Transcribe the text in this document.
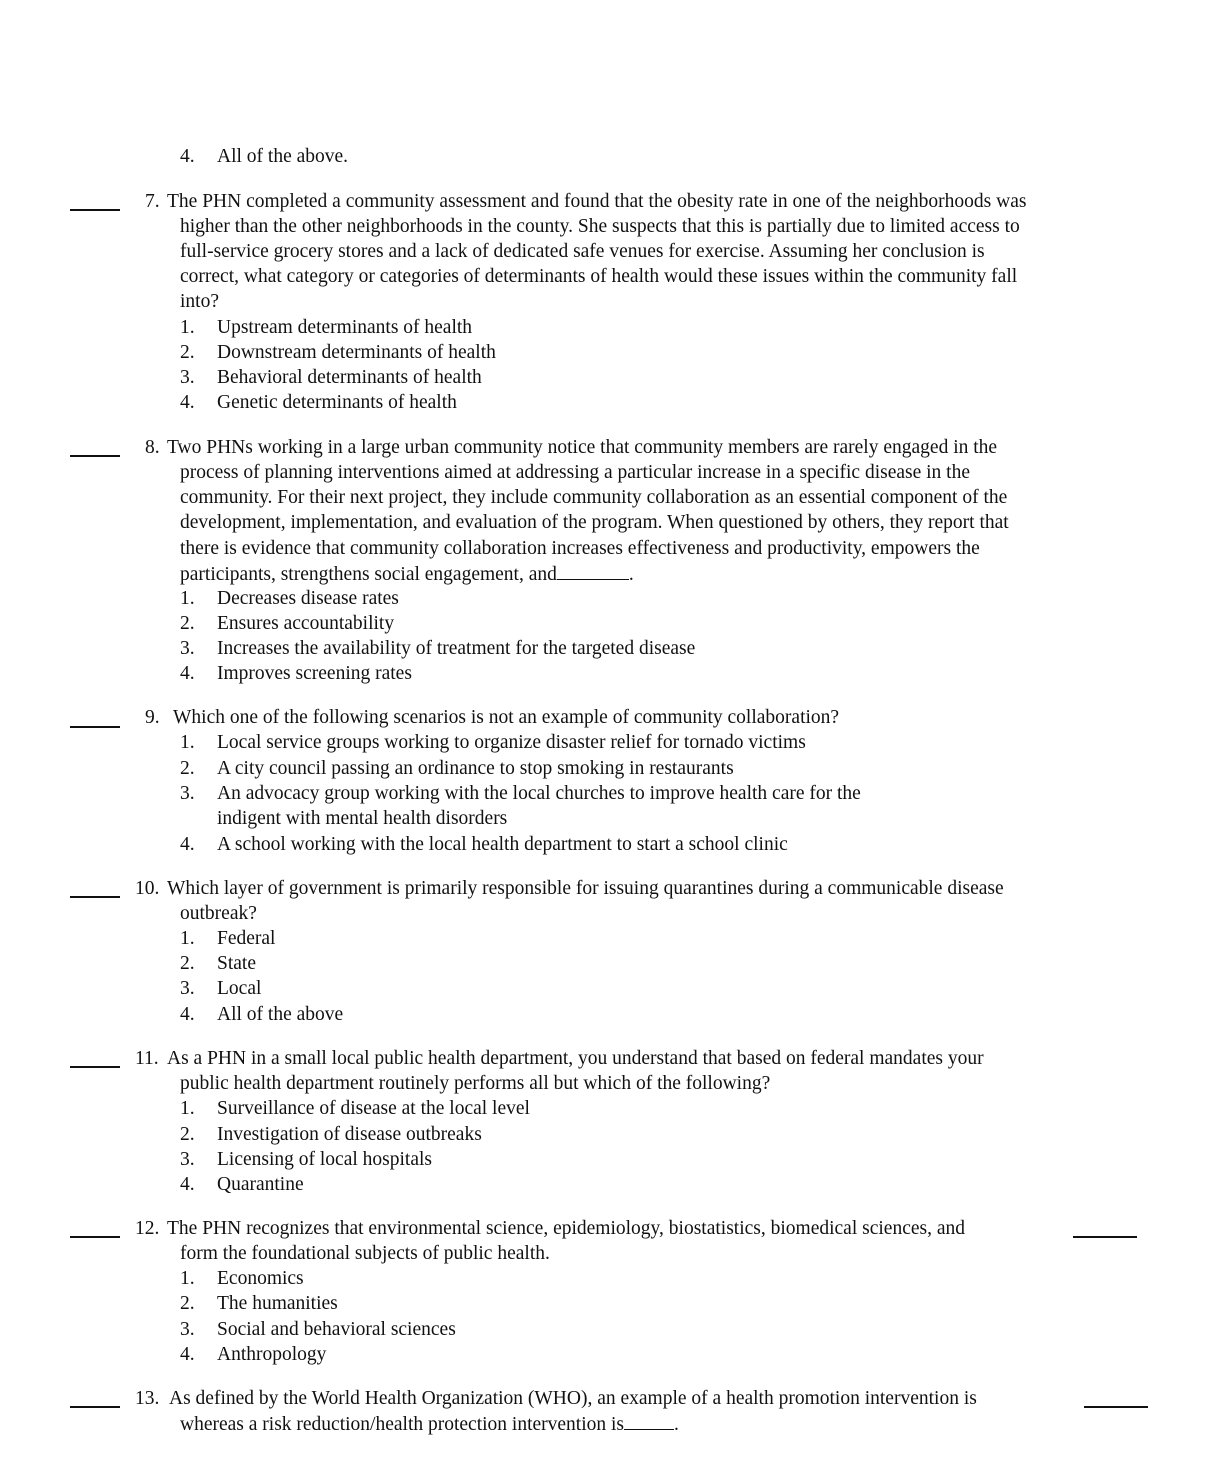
4. All of the above.
7. The PHN completed a community assessment and found that the obesity rate in one of the neighborhoods was
higher than the other neighborhoods in the county. She suspects that this is partially due to limited access to
full-service grocery stores and a lack of dedicated safe venues for exercise. Assuming her conclusion is
correct, what category or categories of determinants of health would these issues within the community fall
into?
1. Upstream determinants of health
2. Downstream determinants of health
3. Behavioral determinants of health
4. Genetic determinants of health
8. Two PHNs working in a large urban community notice that community members are rarely engaged in the
process of planning interventions aimed at addressing a particular increase in a specific disease in the
community. For their next project, they include community collaboration as an essential component of the
development, implementation, and evaluation of the program. When questioned by others, they report that
there is evidence that community collaboration increases effectiveness and productivity, empowers the
participants, strengthens social engagement, and	.
1. Decreases disease rates
2. Ensures accountability
3. Increases the availability of treatment for the targeted disease
4. Improves screening rates
9. Which one of the following scenarios is not an example of community collaboration?
1. Local service groups working to organize disaster relief for tornado victims
2. A city council passing an ordinance to stop smoking in restaurants
3. An advocacy group working with the local churches to improve health care for the
indigent with mental health disorders
4. A school working with the local health department to start a school clinic
10. Which layer of government is primarily responsible for issuing quarantines during a communicable disease
outbreak?
1. Federal
2. State
3. Local
4. All of the above
11. As a PHN in a small local public health department, you understand that based on federal mandates your
public health department routinely performs all but which of the following?
1. Surveillance of disease at the local level
2. Investigation of disease outbreaks
3. Licensing of local hospitals
4. Quarantine
12. The PHN recognizes that environmental science, epidemiology, biostatistics, biomedical sciences, and
form the foundational subjects of public health.
1. Economics
2. The humanities
3. Social and behavioral sciences
4. Anthropology
13. As defined by the World Health Organization (WHO), an example of a health promotion intervention is
whereas a risk reduction/health protection intervention is	.
